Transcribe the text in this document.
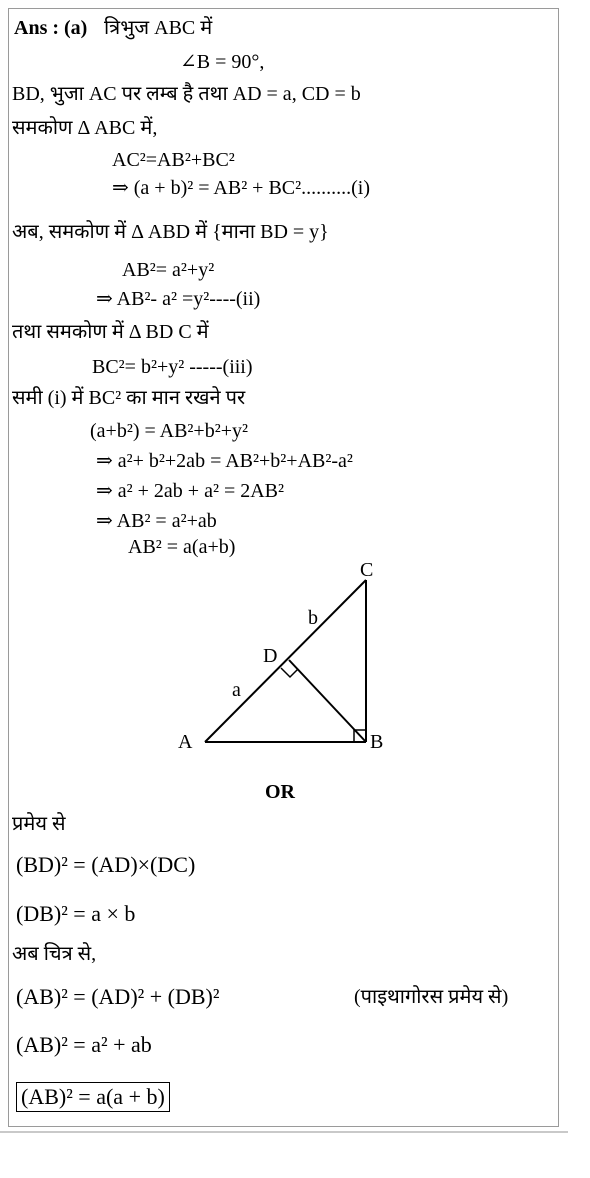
Ans : (a) त्रिभुज ABC में
∠B = 90°,
BD, भुजा AC पर लम्ब है तथा AD = a, CD = b
समकोण Δ ABC में,
AC²=AB²+BC²
⇒ (a + b)² = AB² + BC²..........(i)
अब, समकोण में Δ ABD में {माना BD = y}
AB²= a²+y²
⇒ AB²- a² =y²----(ii)
तथा समकोण में Δ BD C में
BC²= b²+y² -----(iii)
समी (i) में BC² का मान रखने पर
(a+b²) = AB²+b²+y²
⇒ a²+ b²+2ab = AB²+b²+AB²-a²
⇒ a² + 2ab + a² = 2AB²
⇒ AB² = a²+ab
AB² = a(a+b)
A	B
C
D
a
b
OR
प्रमेय से
(BD)² = (AD)×(DC)
(DB)² = a × b
अब चित्र से,
(AB)² = (AD)² + (DB)²	(पाइथागोरस प्रमेय से)
(AB)² = a² + ab
(AB)² = a(a + b)
